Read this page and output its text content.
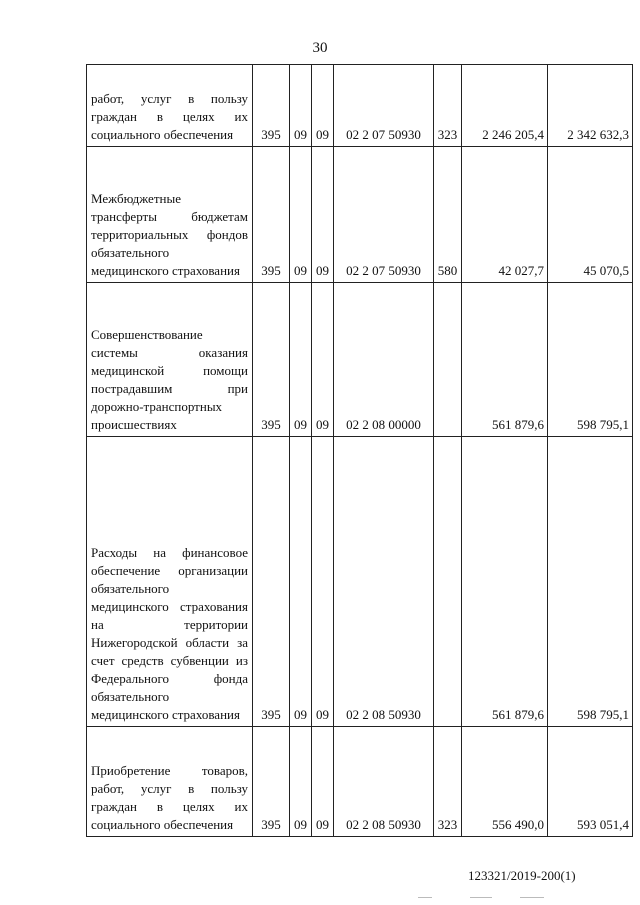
30
работ, услуг в пользу граждан в целях их социального обеспечения	395	09	09	02 2 07 50930	323	2 246 205,4	2 342 632,3
Межбюджетные трансферты бюджетам территориальных фондов обязательного медицинского страхования	395	09	09	02 2 07 50930	580	42 027,7	45 070,5
Совершенствование системы оказания медицинской помощи пострадавшим при дорожно-транспортных происшествиях	395	09	09	02 2 08 00000		561 879,6	598 795,1
Расходы на финансовое обеспечение организации обязательного медицинского страхования на территории Нижегородской области за счет средств субвенции из Федерального фонда обязательного медицинского страхования	395	09	09	02 2 08 50930		561 879,6	598 795,1
Приобретение товаров, работ, услуг в пользу граждан в целях их социального обеспечения	395	09	09	02 2 08 50930	323	556 490,0	593 051,4
123321/2019-200(1)
